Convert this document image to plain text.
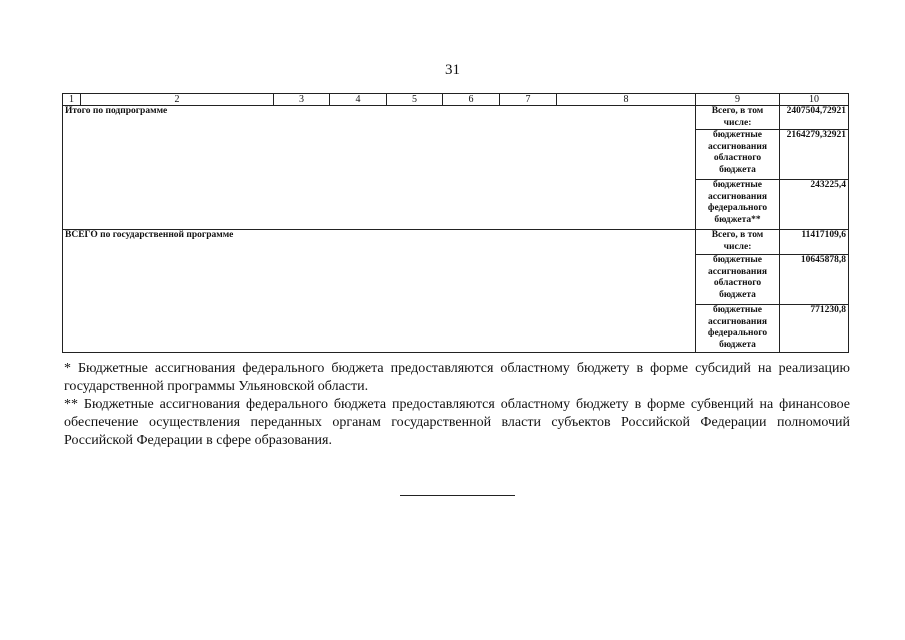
31
1	2	3	4	5	6	7	8	9	10
Итого по подпрограмме								Всего, в том числе:	2407504,72921
								бюджетные ассигнования областного бюджета	2164279,32921
								бюджетные ассигнования федерального бюджета**	243225,4
ВСЕГО по государственной программе								Всего, в том числе:	11417109,6
								бюджетные ассигнования областного бюджета	10645878,8
								бюджетные ассигнования федерального бюджета	771230,8

* Бюджетные ассигнования федерального бюджета предоставляются областному бюджету в форме субсидий на реализацию государственной программы Ульяновской области.

** Бюджетные ассигнования федерального бюджета предоставляются областному бюджету в форме субвенций на финансовое обеспечение осуществления переданных органам государственной власти субъектов Российской Федерации полномочий Российской Федерации в сфере образования.
